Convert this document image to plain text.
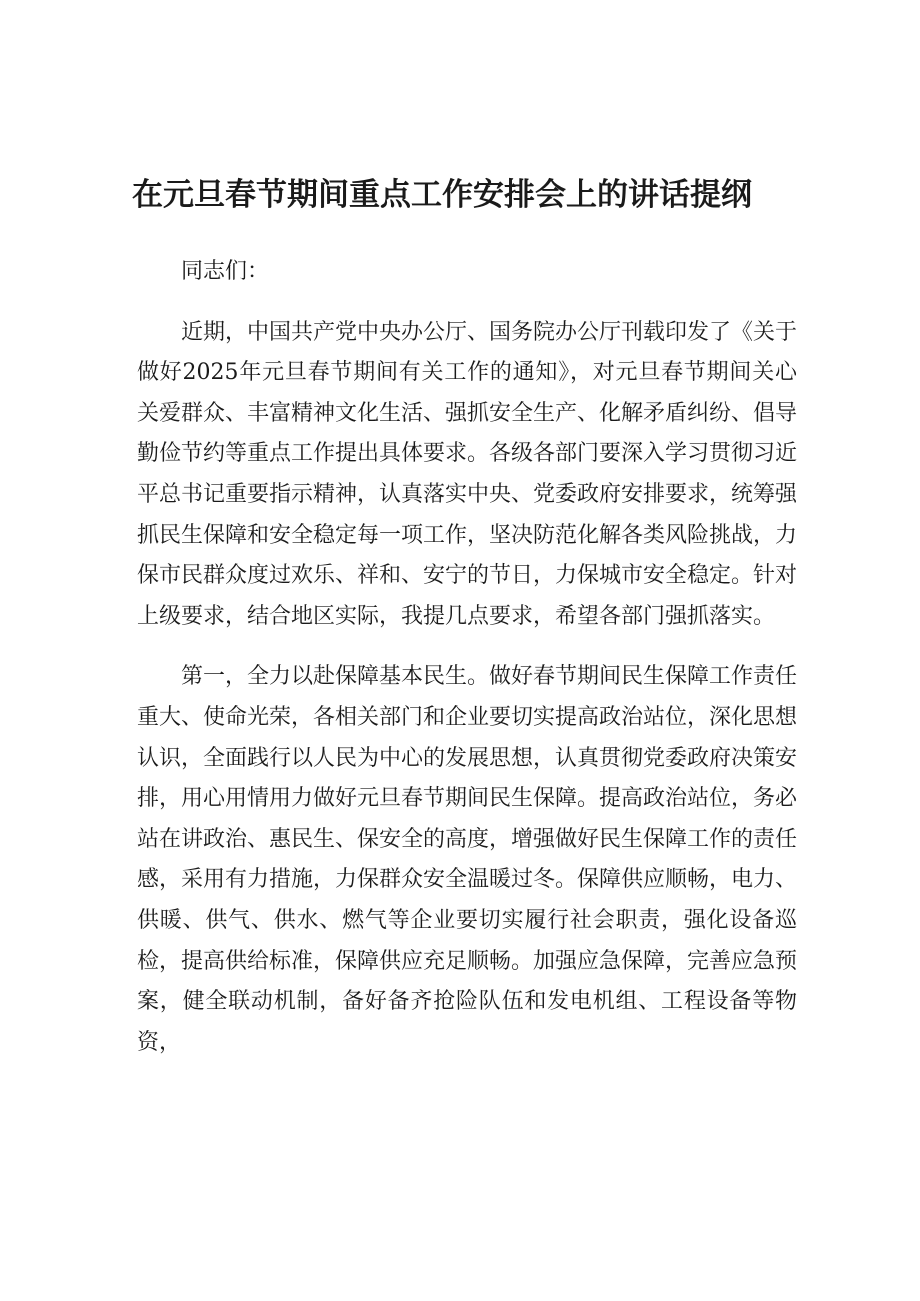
在元旦春节期间重点工作安排会上的讲话提纲

同志们：

近期，中国共产党中央办公厅、国务院办公厅刊载印发了《关于做好2025年元旦春节期间有关工作的通知》，对元旦春节期间关心关爱群众、丰富精神文化生活、强抓安全生产、化解矛盾纠纷、倡导勤俭节约等重点工作提出具体要求。各级各部门要深入学习贯彻习近平总书记重要指示精神，认真落实中央、党委政府安排要求，统筹强抓民生保障和安全稳定每一项工作，坚决防范化解各类风险挑战，力保市民群众度过欢乐、祥和、安宁的节日，力保城市安全稳定。针对上级要求，结合地区实际，我提几点要求，希望各部门强抓落实。

第一，全力以赴保障基本民生。做好春节期间民生保障工作责任重大、使命光荣，各相关部门和企业要切实提高政治站位，深化思想认识，全面践行以人民为中心的发展思想，认真贯彻党委政府决策安排，用心用情用力做好元旦春节期间民生保障。提高政治站位，务必站在讲政治、惠民生、保安全的高度，增强做好民生保障工作的责任感，采用有力措施，力保群众安全温暖过冬。保障供应顺畅，电力、供暖、供气、供水、燃气等企业要切实履行社会职责，强化设备巡检，提高供给标准，保障供应充足顺畅。加强应急保障，完善应急预案，健全联动机制，备好备齐抢险队伍和发电机组、工程设备等物资，
